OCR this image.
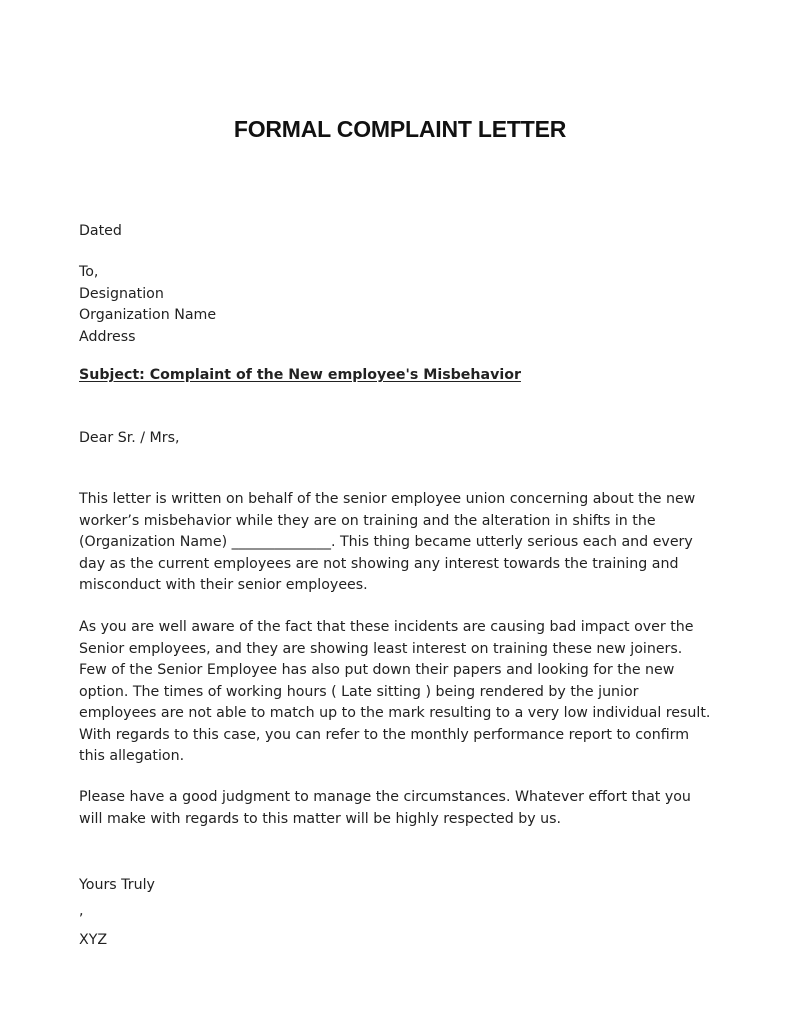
FORMAL COMPLAINT LETTER
Dated
To,
Designation
Organization Name
Address
Subject: Complaint of the New employee's Misbehavior
Dear Sr. / Mrs,
This letter is written on behalf of the senior employee union concerning about the new
worker’s misbehavior while they are on training and the alteration in shifts in the
(Organization Name) ______________. This thing became utterly serious each and every
day as the current employees are not showing any interest towards the training and
misconduct with their senior employees.
As you are well aware of the fact that these incidents are causing bad impact over the
Senior employees, and they are showing least interest on training these new joiners.
Few of the Senior Employee has also put down their papers and looking for the new
option. The times of working hours ( Late sitting ) being rendered by the junior
employees are not able to match up to the mark resulting to a very low individual result.
With regards to this case, you can refer to the monthly performance report to confirm
this allegation.
Please have a good judgment to manage the circumstances. Whatever effort that you
will make with regards to this matter will be highly respected by us.
Yours Truly
,
XYZ
